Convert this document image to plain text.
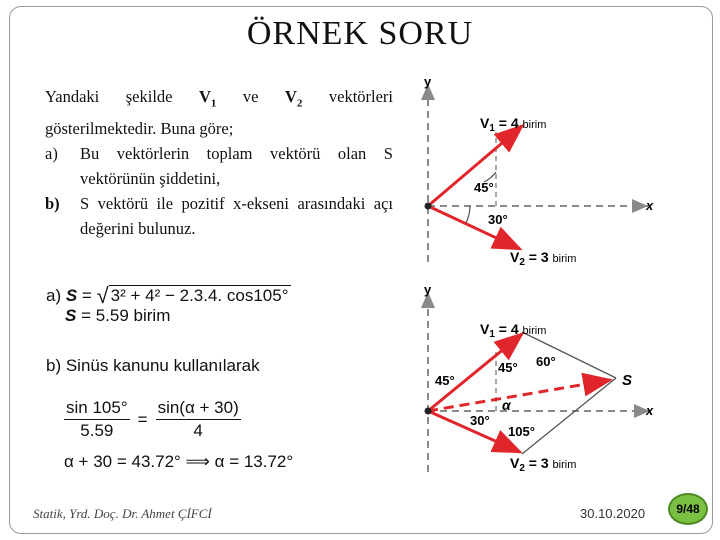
ÖRNEK SORU

Yandaki şekilde $V_1$ ve $V_2$ vektörleri gösterilmektedir. Buna göre;

a)	Bu vektörlerin toplam vektörü olan S vektörünün şiddetini,
b)	S vektörü ile pozitif x-ekseni arasındaki açı değerini bulunuz.
a) S = √ 3² + 4² − 2.3.4. cos105°
S = 5.59 birim
b) Sinüs kanunu kullanılarak
$\frac{\sin 105^\circ}{5.59} = \frac{\sin(\alpha + 30)}{4}$
α + 30 = 43.72° ⟹ α = 13.72°
y
x
$V_1 = 4$ birim
$V_2 = 3$ birim
45°
30°
y
x
$V_1 = 4$ birim
$V_2 = 3$ birim
45°
45° 60°
α
30°
105°
S
Statik, Yrd. Doç. Dr. Ahmet ÇİFCİ	30.10.2020	9/48
